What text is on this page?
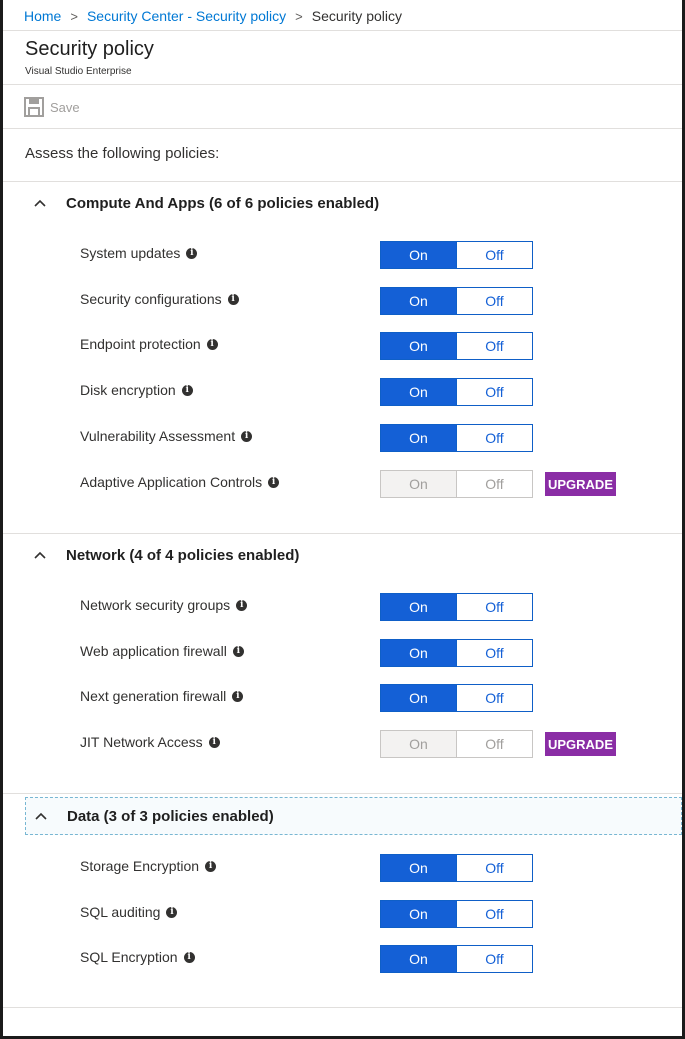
Home > Security Center - Security policy > Security policy
Security policy
Visual Studio Enterprise
Save
Assess the following policies:
Compute And Apps (6 of 6 policies enabled)
System updates	i	On	Off
Security configurations	i	On	Off
Endpoint protection	i	On	Off
Disk encryption	i	On	Off
Vulnerability Assessment	i	On	Off
Adaptive Application Controls	i	On	Off	UPGRADE
Network (4 of 4 policies enabled)
Network security groups	i	On	Off
Web application firewall	i	On	Off
Next generation firewall	i	On	Off
JIT Network Access	i	On	Off	UPGRADE
Data (3 of 3 policies enabled)
Storage Encryption	i	On	Off
SQL auditing	i	On	Off
SQL Encryption	i	On	Off
